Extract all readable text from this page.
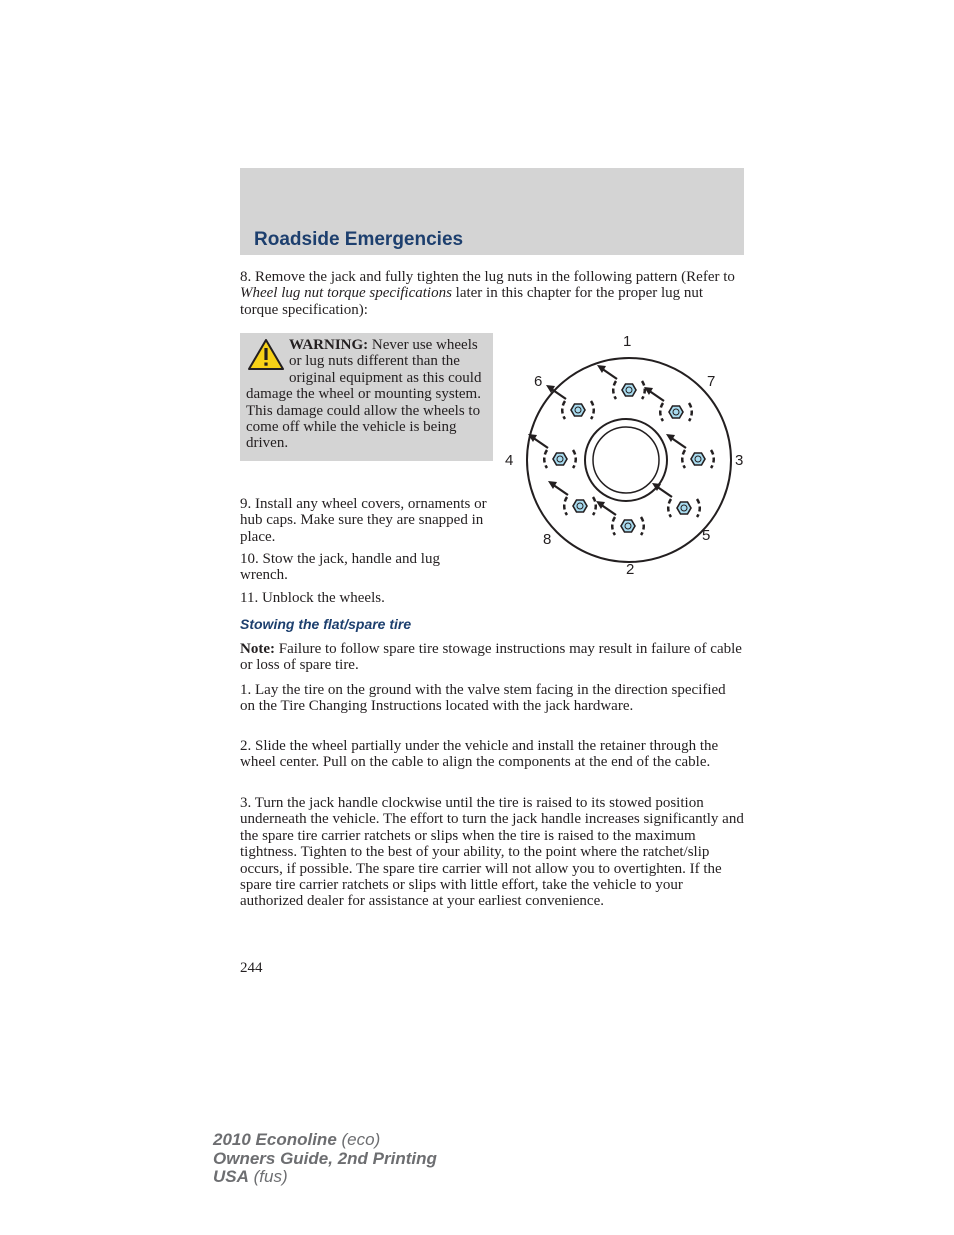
Roadside Emergencies

8. Remove the jack and fully tighten the lug nuts in the following pattern (Refer to Wheel lug nut torque specifications later in this chapter for the proper lug nut torque specification):

WARNING: Never use wheels or lug nuts different than the original equipment as this could damage the wheel or mounting system. This damage could allow the wheels to come off while the vehicle is being driven.

1
7
3
5
2
8
4
6

9. Install any wheel covers, ornaments or hub caps. Make sure they are snapped in place.

10. Stow the jack, handle and lug wrench.

11. Unblock the wheels.

Stowing the flat/spare tire

Note: Failure to follow spare tire stowage instructions may result in failure of cable or loss of spare tire.

1. Lay the tire on the ground with the valve stem facing in the direction specified on the Tire Changing Instructions located with the jack hardware.

2. Slide the wheel partially under the vehicle and install the retainer through the wheel center. Pull on the cable to align the components at the end of the cable.

3. Turn the jack handle clockwise until the tire is raised to its stowed position underneath the vehicle. The effort to turn the jack handle increases significantly and the spare tire carrier ratchets or slips when the tire is raised to the maximum tightness. Tighten to the best of your ability, to the point where the ratchet/slip occurs, if possible. The spare tire carrier will not allow you to overtighten. If the spare tire carrier ratchets or slips with little effort, take the vehicle to your authorized dealer for assistance at your earliest convenience.

244

2010 Econoline (eco)
Owners Guide, 2nd Printing
USA (fus)
